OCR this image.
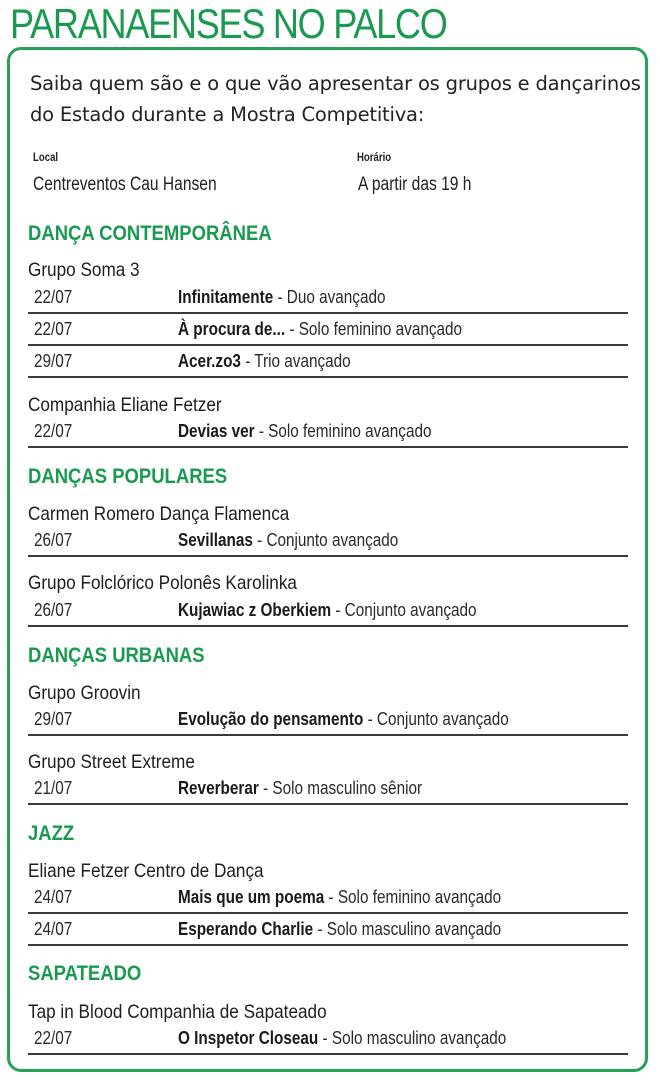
PARANAENSES NO PALCO
Saiba quem são e o que vão apresentar os grupos e dançarinos do Estado durante a Mostra Competitiva:
Local
Centreventos Cau Hansen
Horário
A partir das 19 h
DANÇA CONTEMPORÂNEA
Grupo Soma 3
22/07	Infinitamente - Duo avançado
22/07	À procura de... - Solo feminino avançado
29/07	Acer.zo3 - Trio avançado
Companhia Eliane Fetzer
22/07	Devias ver - Solo feminino avançado
DANÇAS POPULARES
Carmen Romero Dança Flamenca
26/07	Sevillanas - Conjunto avançado
Grupo Folclórico Polonês Karolinka
26/07	Kujawiac z Oberkiem - Conjunto avançado
DANÇAS URBANAS
Grupo Groovin
29/07	Evolução do pensamento - Conjunto avançado
Grupo Street Extreme
21/07	Reverberar - Solo masculino sênior
JAZZ
Eliane Fetzer Centro de Dança
24/07	Mais que um poema - Solo feminino avançado
24/07	Esperando Charlie - Solo masculino avançado
SAPATEADO
Tap in Blood Companhia de Sapateado
22/07	O Inspetor Closeau - Solo masculino avançado
